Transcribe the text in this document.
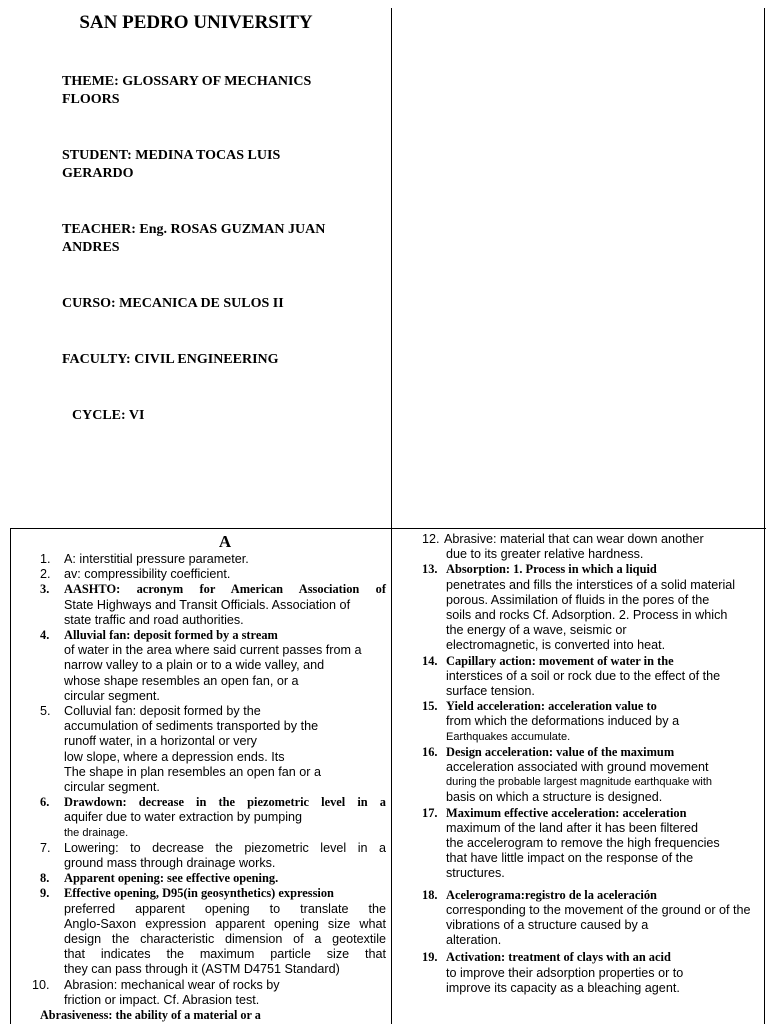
SAN PEDRO UNIVERSITY
THEME: GLOSSARY OF MECHANICS
FLOORS
STUDENT: MEDINA TOCAS LUIS
GERARDO
TEACHER: Eng. ROSAS GUZMAN JUAN
ANDRES
CURSO: MECANICA DE SULOS II
FACULTY: CIVIL ENGINEERING
CYCLE: VI
A
1. A: interstitial pressure parameter.
2. av: compressibility coefficient.
3. AASHTO: acronym for American Association of
State Highways and Transit Officials. Association of
state traffic and road authorities.
4. Alluvial fan: deposit formed by a stream
of water in the area where said current passes from a
narrow valley to a plain or to a wide valley, and
whose shape resembles an open fan, or a
circular segment.
5. Colluvial fan: deposit formed by the
accumulation of sediments transported by the
runoff water, in a horizontal or very
low slope, where a depression ends. Its
The shape in plan resembles an open fan or a
circular segment.
6. Drawdown: decrease in the piezometric level in a
aquifer due to water extraction by pumping
the drainage.
7. Lowering: to decrease the piezometric level in a
ground mass through drainage works.
8. Apparent opening: see effective opening.
9. Effective opening, D95(in geosynthetics) expression
preferred apparent opening to translate the
Anglo-Saxon expression apparent opening size what
design the characteristic dimension of a geotextile
that indicates the maximum particle size that
they can pass through it (ASTM D4751 Standard)
10. Abrasion: mechanical wear of rocks by
friction or impact. Cf. Abrasion test.
Abrasiveness: the ability of a material or a
12. Abrasive: material that can wear down another
due to its greater relative hardness.
13. Absorption: 1. Process in which a liquid
penetrates and fills the interstices of a solid material
porous. Assimilation of fluids in the pores of the
soils and rocks Cf. Adsorption. 2. Process in which
the energy of a wave, seismic or
electromagnetic, is converted into heat.
14. Capillary action: movement of water in the
interstices of a soil or rock due to the effect of the
surface tension.
15. Yield acceleration: acceleration value to
from which the deformations induced by a
Earthquakes accumulate.
16. Design acceleration: value of the maximum
acceleration associated with ground movement
during the probable largest magnitude earthquake with
basis on which a structure is designed.
17. Maximum effective acceleration: acceleration
maximum of the land after it has been filtered
the accelerogram to remove the high frequencies
that have little impact on the response of the
structures.
18. Acelerograma:registro de la aceleración
corresponding to the movement of the ground or of the
vibrations of a structure caused by a
alteration.
19. Activation: treatment of clays with an acid
to improve their adsorption properties or to
improve its capacity as a bleaching agent.
